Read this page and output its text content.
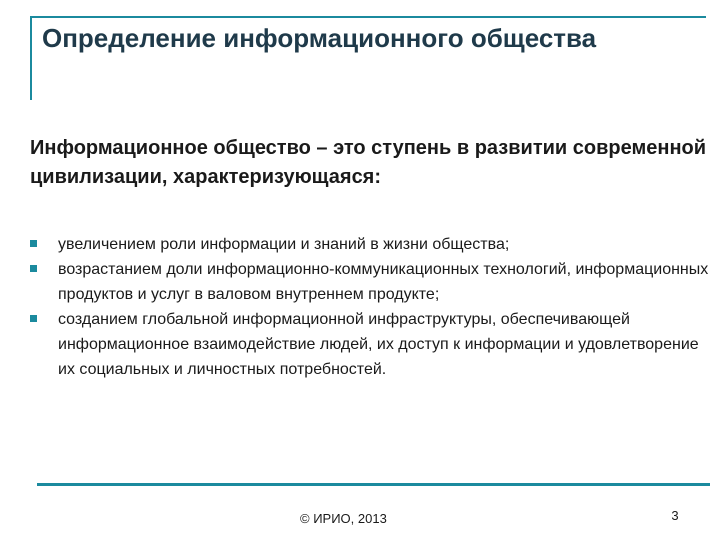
Определение информационного общества

Информационное общество – это ступень в развитии современной цивилизации, характеризующаяся:

увеличением роли информации и знаний в жизни общества;
возрастанием доли информационно-коммуникационных технологий, информационных продуктов и услуг в валовом внутреннем продукте;
созданием глобальной информационной инфраструктуры, обеспечивающей информационное взаимодействие людей, их доступ к информации и удовлетворение их социальных и личностных потребностей.

© ИРИО, 2013	3
